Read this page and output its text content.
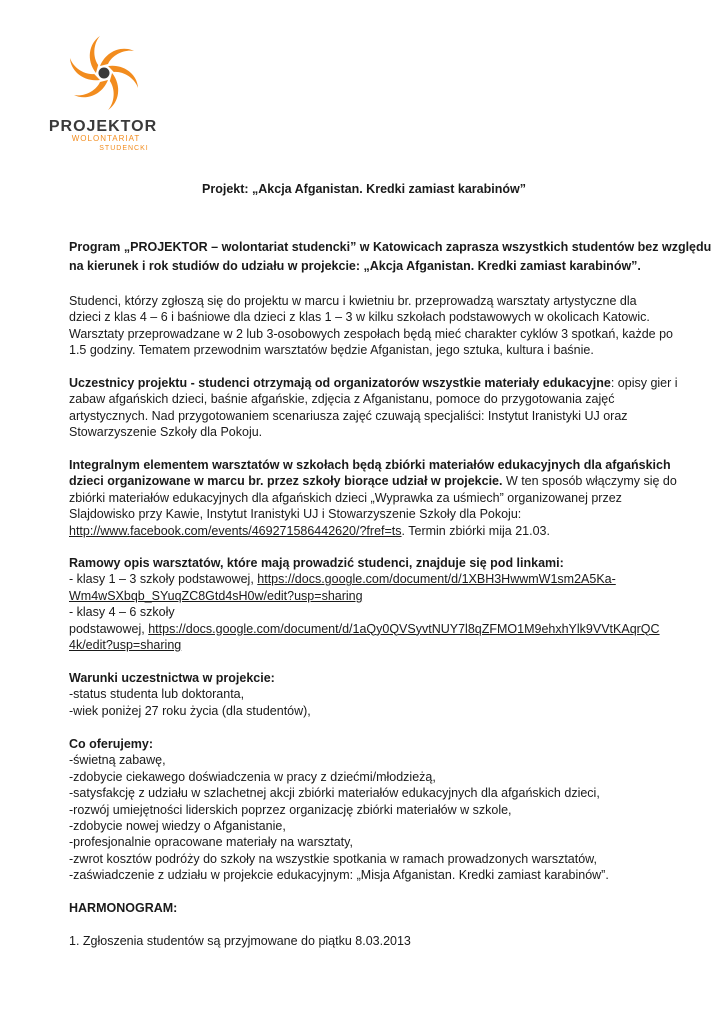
PROJEKTOR
WOLONTARIAT
STUDENCKI
Projekt: „Akcja Afganistan. Kredki zamiast karabinów”
Program „PROJEKTOR – wolontariat studencki” w Katowicach zaprasza wszystkich studentów bez względu
na kierunek i rok studiów do udziału w projekcie: „Akcja Afganistan. Kredki zamiast karabinów”.
Studenci, którzy zgłoszą się do projektu w marcu i kwietniu br. przeprowadzą warsztaty artystyczne dla
dzieci z klas 4 – 6 i baśniowe dla dzieci z klas 1 – 3 w kilku szkołach podstawowych w okolicach Katowic.
Warsztaty przeprowadzane w 2 lub 3-osobowych zespołach będą mieć charakter cyklów 3 spotkań, każde po
1.5 godziny. Tematem przewodnim warsztatów będzie Afganistan, jego sztuka, kultura i baśnie.
Uczestnicy projektu - studenci otrzymają od organizatorów wszystkie materiały edukacyjne: opisy gier i
zabaw afgańskich dzieci, baśnie afgańskie, zdjęcia z Afganistanu, pomoce do przygotowania zajęć
artystycznych. Nad przygotowaniem scenariusza zajęć czuwają specjaliści: Instytut Iranistyki UJ oraz
Stowarzyszenie Szkoły dla Pokoju.
Integralnym elementem warsztatów w szkołach będą zbiórki materiałów edukacyjnych dla afgańskich
dzieci organizowane w marcu br. przez szkoły biorące udział w projekcie. W ten sposób włączymy się do
zbiórki materiałów edukacyjnych dla afgańskich dzieci „Wyprawka za uśmiech” organizowanej przez
Slajdowisko przy Kawie, Instytut Iranistyki UJ i Stowarzyszenie Szkoły dla Pokoju:
http://www.facebook.com/events/469271586442620/?fref=ts. Termin zbiórki mija 21.03.
Ramowy opis warsztatów, które mają prowadzić studenci, znajduje się pod linkami:
- klasy 1 – 3 szkoły podstawowej, https://docs.google.com/document/d/1XBH3HwwmW1sm2A5Ka-
Wm4wSXbqb_SYuqZC8Gtd4sH0w/edit?usp=sharing
- klasy 4 – 6 szkoły
podstawowej, https://docs.google.com/document/d/1aQy0QVSyvtNUY7l8qZFMO1M9ehxhYlk9VVtKAqrQC
4k/edit?usp=sharing
Warunki uczestnictwa w projekcie:
-status studenta lub doktoranta,
-wiek poniżej 27 roku życia (dla studentów),
Co oferujemy:
-świetną zabawę,
-zdobycie ciekawego doświadczenia w pracy z dziećmi/młodzieżą,
-satysfakcję z udziału w szlachetnej akcji zbiórki materiałów edukacyjnych dla afgańskich dzieci,
-rozwój umiejętności liderskich poprzez organizację zbiórki materiałów w szkole,
-zdobycie nowej wiedzy o Afganistanie,
-profesjonalnie opracowane materiały na warsztaty,
-zwrot kosztów podróży do szkoły na wszystkie spotkania w ramach prowadzonych warsztatów,
-zaświadczenie z udziału w projekcie edukacyjnym: „Misja Afganistan. Kredki zamiast karabinów”.
HARMONOGRAM:
1. Zgłoszenia studentów są przyjmowane do piątku 8.03.2013
